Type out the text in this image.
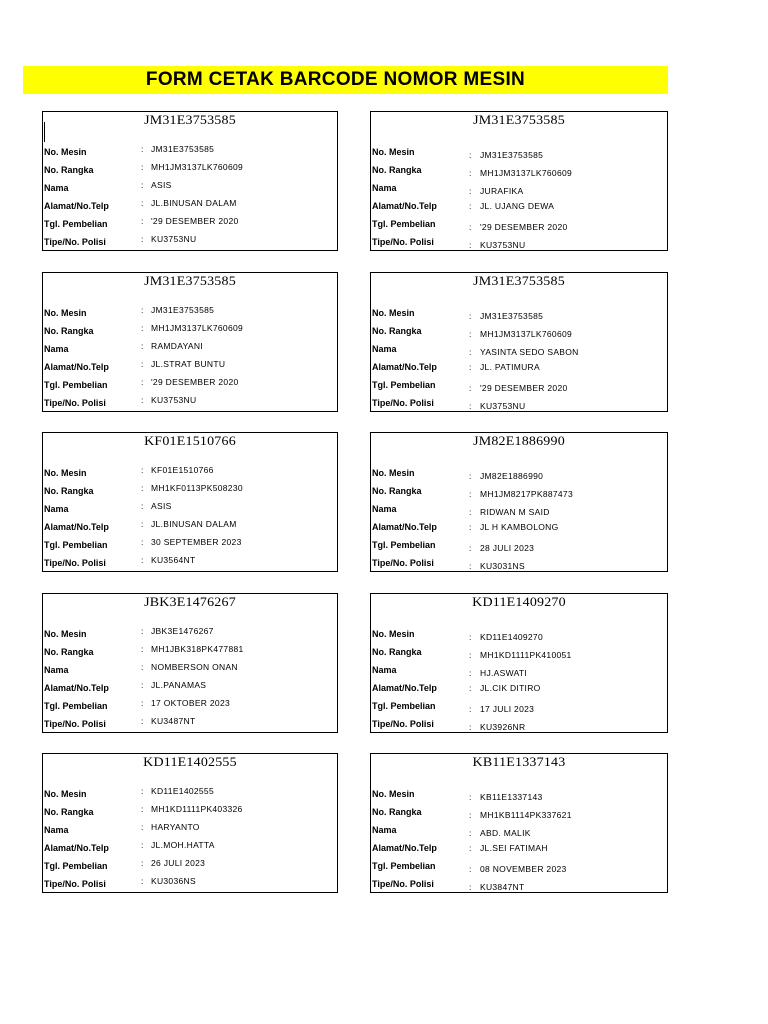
FORM CETAK BARCODE NOMOR MESIN
JM31E3753585
No. Mesin	: JM31E3753585
No. Rangka	: MH1JM3137LK760609
Nama	: ASIS
Alamat/No.Telp	: JL.BINUSAN DALAM
Tgl. Pembelian	: '29 DESEMBER 2020
Tipe/No. Polisi	: KU3753NU
JM31E3753585
No. Mesin	: JM31E3753585
No. Rangka	: MH1JM3137LK760609
Nama	: JURAFIKA
Alamat/No.Telp	: JL. UJANG DEWA
Tgl. Pembelian	: '29 DESEMBER 2020
Tipe/No. Polisi	: KU3753NU
JM31E3753585
No. Mesin	: JM31E3753585
No. Rangka	: MH1JM3137LK760609
Nama	: RAMDAYANI
Alamat/No.Telp	: JL.STRAT BUNTU
Tgl. Pembelian	: '29 DESEMBER 2020
Tipe/No. Polisi	: KU3753NU
JM31E3753585
No. Mesin	: JM31E3753585
No. Rangka	: MH1JM3137LK760609
Nama	: YASINTA SEDO SABON
Alamat/No.Telp	: JL. PATIMURA
Tgl. Pembelian	: '29 DESEMBER 2020
Tipe/No. Polisi	: KU3753NU
KF01E1510766
No. Mesin	: KF01E1510766
No. Rangka	: MH1KF0113PK508230
Nama	: ASIS
Alamat/No.Telp	: JL.BINUSAN DALAM
Tgl. Pembelian	: 30 SEPTEMBER 2023
Tipe/No. Polisi	: KU3564NT
JM82E1886990
No. Mesin	: JM82E1886990
No. Rangka	: MH1JM8217PK887473
Nama	: RIDWAN M SAID
Alamat/No.Telp	: JL H KAMBOLONG
Tgl. Pembelian	: 28 JULI 2023
Tipe/No. Polisi	: KU3031NS
JBK3E1476267
No. Mesin	: JBK3E1476267
No. Rangka	: MH1JBK318PK477881
Nama	: NOMBERSON ONAN
Alamat/No.Telp	: JL.PANAMAS
Tgl. Pembelian	: 17 OKTOBER 2023
Tipe/No. Polisi	: KU3487NT
KD11E1409270
No. Mesin	: KD11E1409270
No. Rangka	: MH1KD1111PK410051
Nama	: HJ.ASWATI
Alamat/No.Telp	: JL.CIK DITIRO
Tgl. Pembelian	: 17 JULI 2023
Tipe/No. Polisi	: KU3926NR
KD11E1402555
No. Mesin	: KD11E1402555
No. Rangka	: MH1KD1111PK403326
Nama	: HARYANTO
Alamat/No.Telp	: JL.MOH.HATTA
Tgl. Pembelian	: 26 JULI 2023
Tipe/No. Polisi	: KU3036NS
KB11E1337143
No. Mesin	: KB11E1337143
No. Rangka	: MH1KB1114PK337621
Nama	: ABD. MALIK
Alamat/No.Telp	: JL.SEI FATIMAH
Tgl. Pembelian	: 08 NOVEMBER 2023
Tipe/No. Polisi	: KU3847NT
